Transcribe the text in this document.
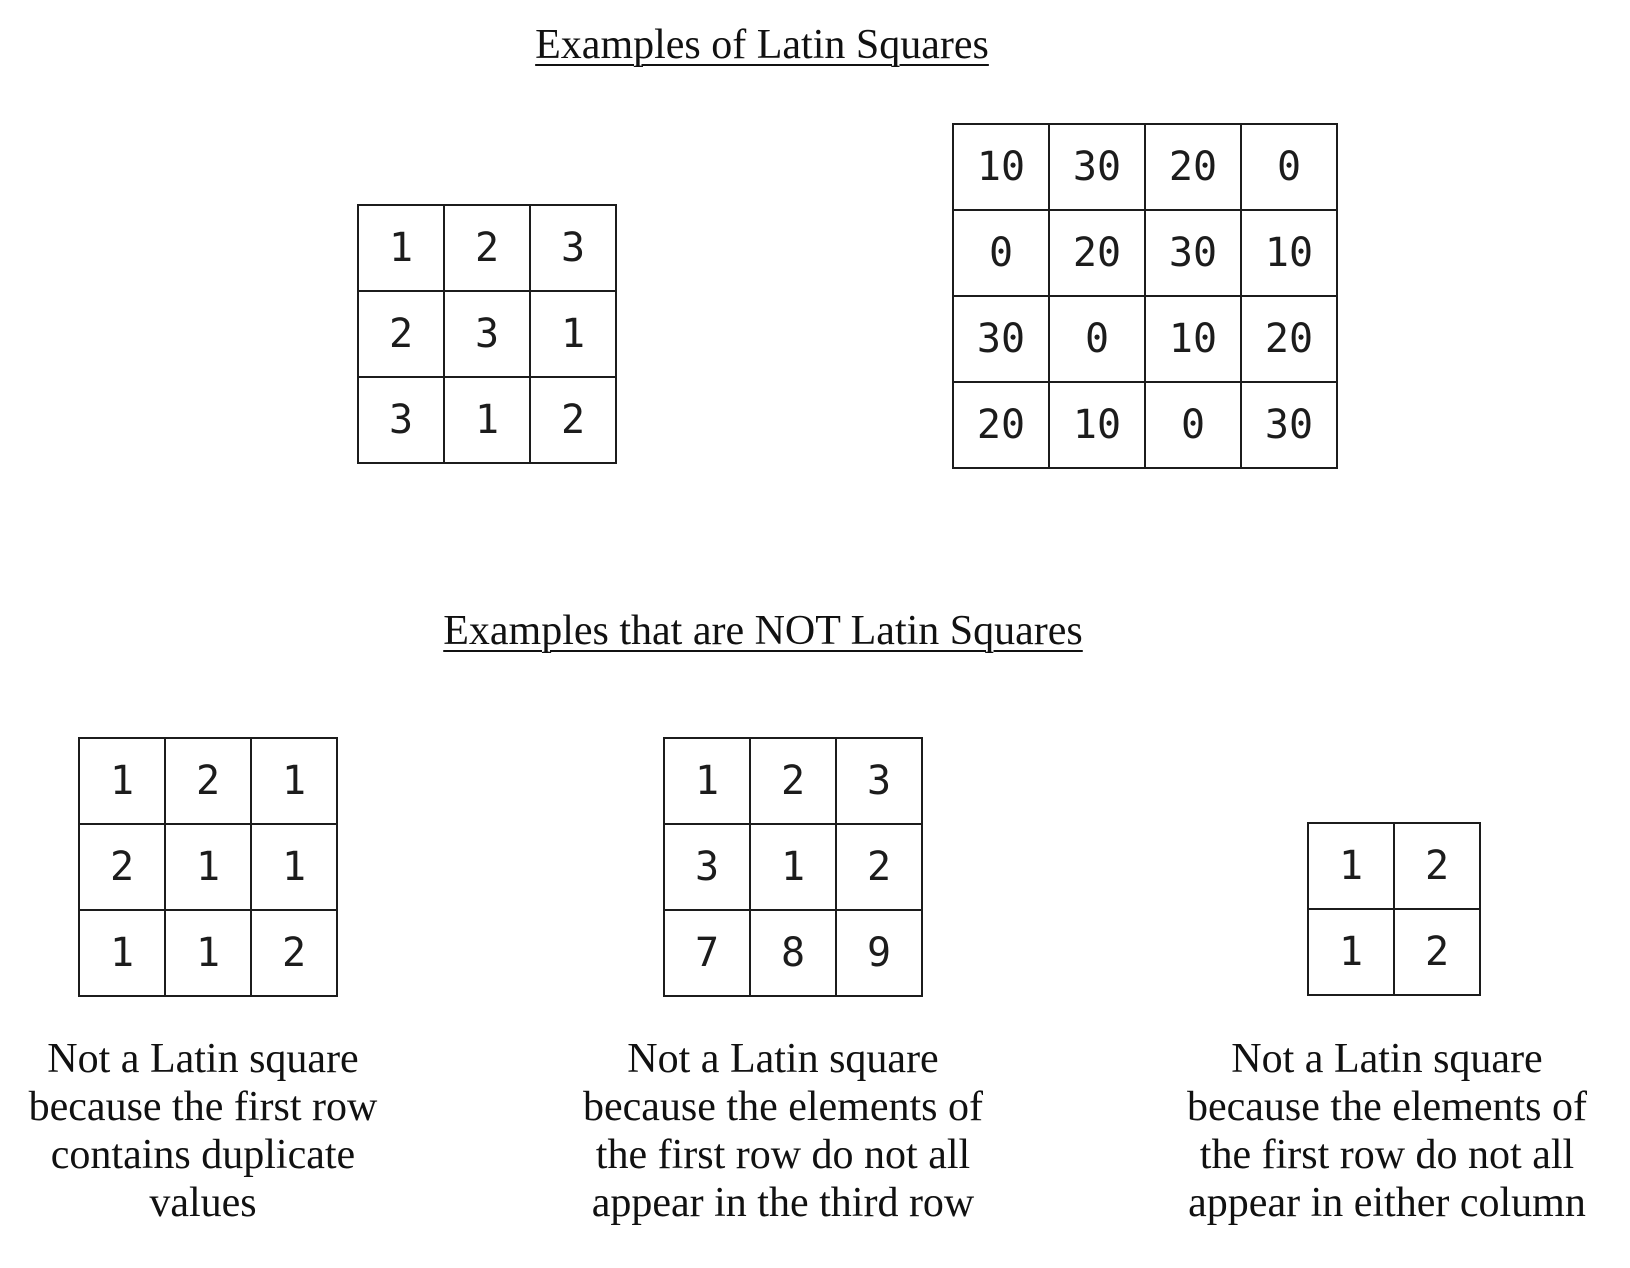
Examples of Latin Squares
1	2	3
2	3	1
3	1	2
10	30	20	0
0	20	30	10
30	0	10	20
20	10	0	30
Examples that are NOT Latin Squares
1	2	1
2	1	1
1	1	2
1	2	3
3	1	2
7	8	9
1	2
1	2
Not a Latin square
because the first row
contains duplicate
values
Not a Latin square
because the elements of
the first row do not all
appear in the third row
Not a Latin square
because the elements of
the first row do not all
appear in either column
